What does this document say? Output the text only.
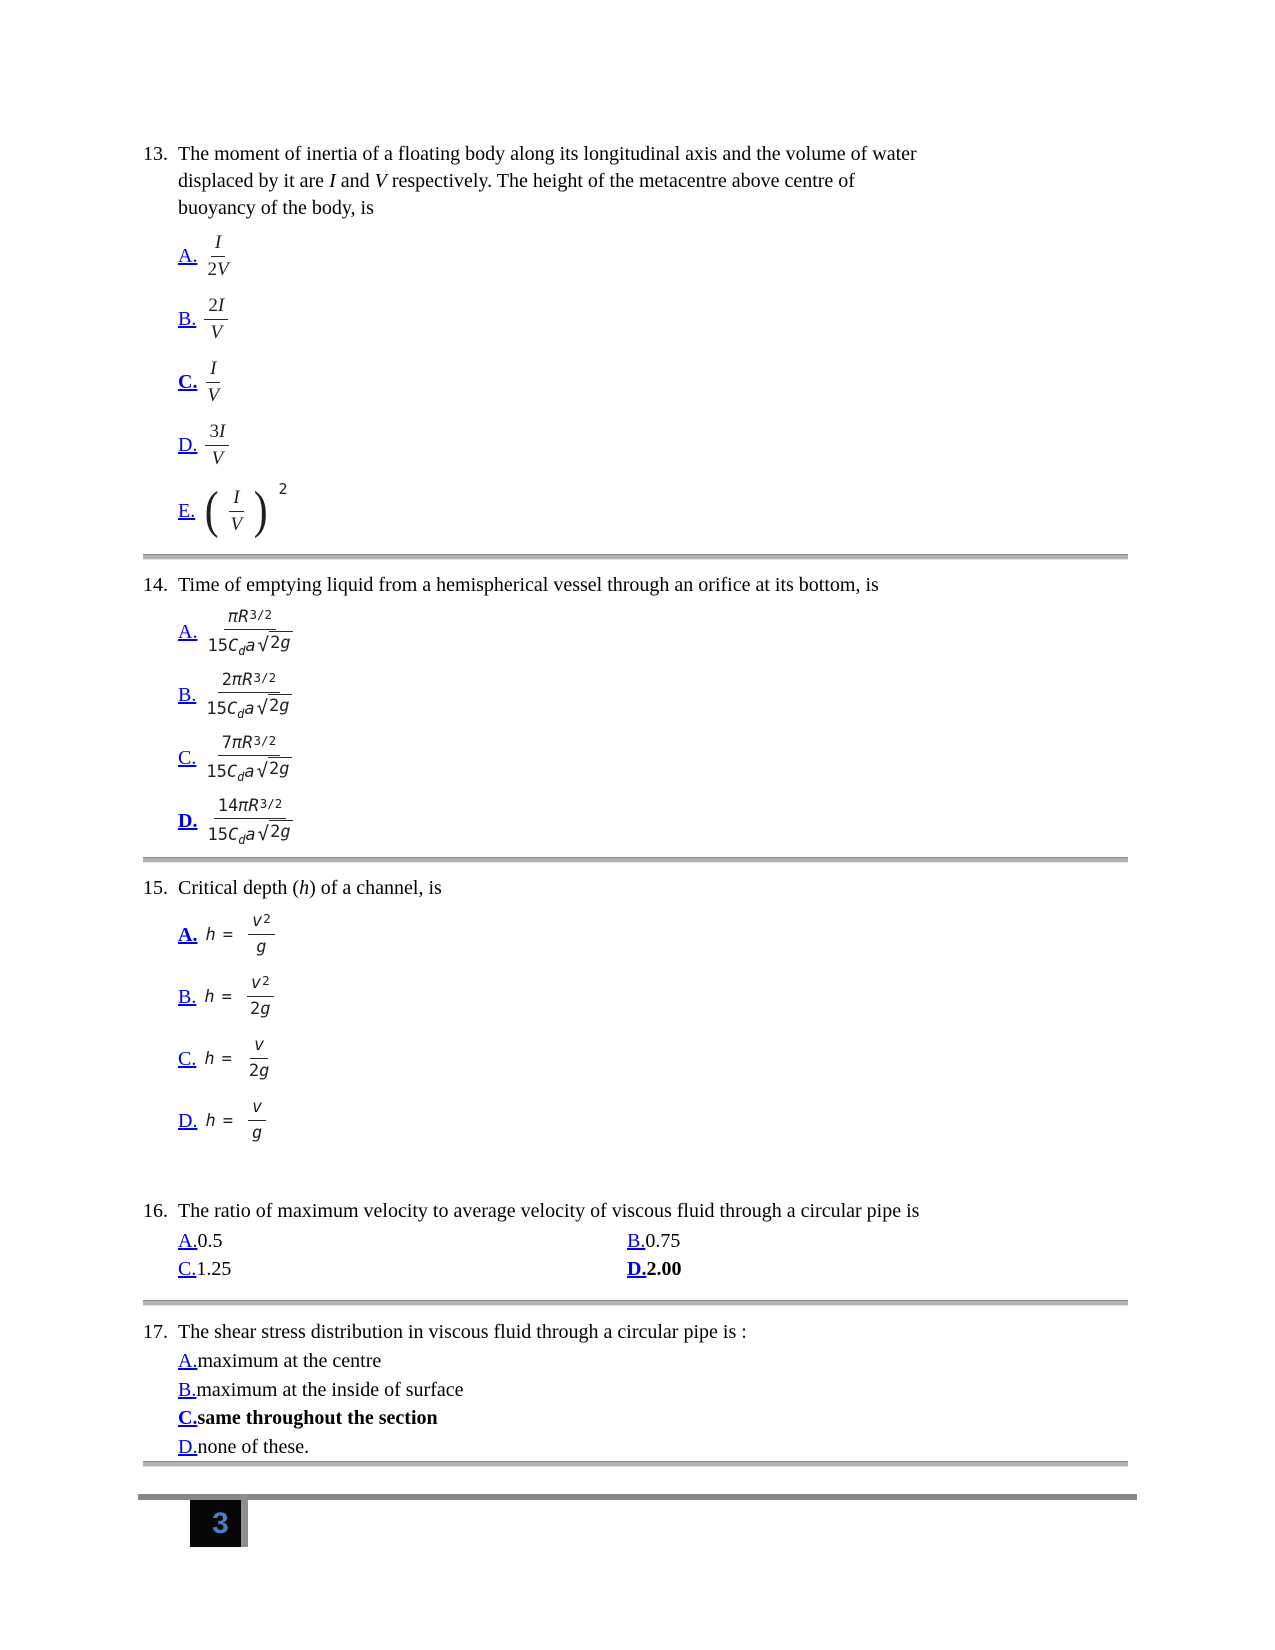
13. The moment of inertia of a floating body along its longitudinal axis and the volume of water
displaced by it are I and V respectively. The height of the metacentre above centre of
buoyancy of the body, is
A. $\frac{I}{2 V}$
B. $\frac{2 I}{V}$
C. $\frac{I}{V}$
D. $\frac{3 I}{V}$
E. ( $\frac{I}{V}$ ) 2
14. Time of emptying liquid from a hemispherical vessel through an orifice at its bottom, is
A. $\frac{\text{π R 3/2}}{\text{15 C d a √ 2 g}}$
B. $\frac{\text{2 π R 3/2}}{\text{15 C d a √ 2 g}}$
C. $\frac{\text{7 π R 3/2}}{\text{15 C d a √ 2 g}}$
D. $\frac{\text{14 π R 3/2}}{\text{15 C d a √ 2 g}}$
15. Critical depth (h) of a channel, is
A. $h = \frac{v 2}{g}$
B. $h = \frac{v 2}{2 g}$
C. $h = \frac{v}{2 g}$
D. $h = \frac{v}{g}$
16. The ratio of maximum velocity to average velocity of viscous fluid through a circular pipe is
A.0.5	B.0.75
C.1.25	D.2.00
17. The shear stress distribution in viscous fluid through a circular pipe is :
A.maximum at the centre
B.maximum at the inside of surface
C.same throughout the section
D.none of these.
3
